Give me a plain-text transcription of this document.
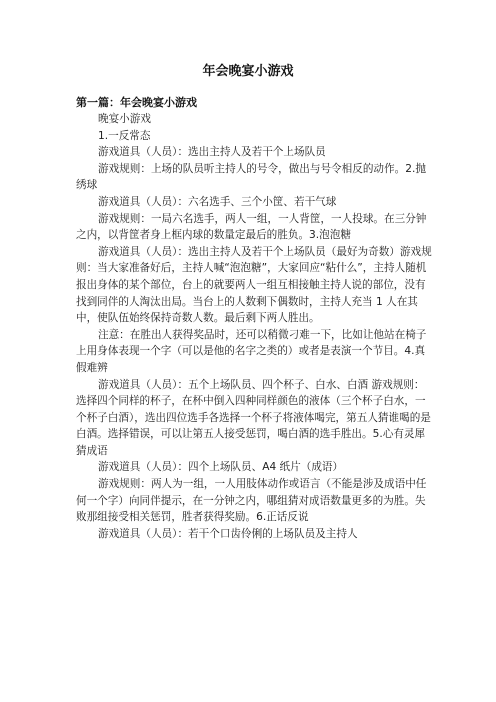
年会晚宴小游戏
第一篇：年会晚宴小游戏

晚宴小游戏

1.一反常态

游戏道具（人员）：选出主持人及若干个上场队员

游戏规则：上场的队员听主持人的号令，做出与号令相反的动作。2.抛绣球

游戏道具（人员）：六名选手、三个小筐、若干气球

游戏规则：一局六名选手，两人一组，一人背筐，一人投球。在三分钟之内，以背筐者身上框内球的数量定最后的胜负。3.泡泡糖

游戏道具（人员）：选出主持人及若干个上场队员（最好为奇数）游戏规则：当大家准备好后，主持人喊“泡泡糖”，大家回应“粘什么”，主持人随机报出身体的某个部位，台上的就要两人一组互相接触主持人说的部位，没有找到同伴的人淘汰出局。当台上的人数剩下偶数时，主持人充当 1 人在其中，使队伍始终保持奇数人数。最后剩下两人胜出。

注意：在胜出人获得奖品时，还可以稍微刁难一下，比如让他站在椅子上用身体表现一个字（可以是他的名字之类的）或者是表演一个节目。4.真假难辨

游戏道具（人员）：五个上场队员、四个杯子、白水、白酒 游戏规则：选择四个同样的杯子，在杯中倒入四种同样颜色的液体（三个杯子白水，一个杯子白酒），选出四位选手各选择一个杯子将液体喝完，第五人猜谁喝的是白酒。选择错误，可以让第五人接受惩罚，喝白酒的选手胜出。5.心有灵犀猜成语

游戏道具（人员）：四个上场队员、A4 纸片（成语）

游戏规则：两人为一组，一人用肢体动作或语言（不能是涉及成语中任何一个字）向同伴提示，在一分钟之内，哪组猜对成语数量更多的为胜。失败那组接受相关惩罚，胜者获得奖励。6.正话反说

游戏道具（人员）：若干个口齿伶俐的上场队员及主持人
